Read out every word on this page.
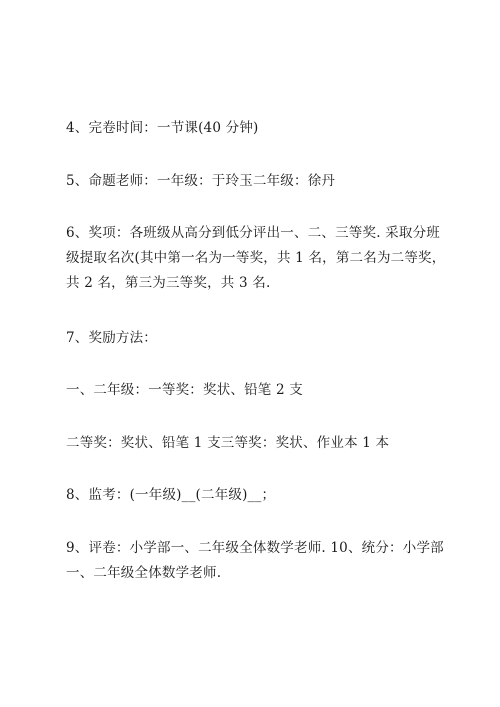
4、完卷时间：一节课(40 分钟)

5、命题老师：一年级：于玲玉二年级：徐丹

6、奖项：各班级从高分到低分评出一、二、三等奖. 采取分班
级提取名次(其中第一名为一等奖，共 1 名，第二名为二等奖，
共 2 名，第三为三等奖，共 3 名.

7、奖励方法：

一、二年级：一等奖：奖状、铅笔 2 支

二等奖：奖状、铅笔 1 支三等奖：奖状、作业本 1 本

8、监考：(一年级)__(二年级)__；

9、评卷：小学部一、二年级全体数学老师. 10、统分：小学部
一、二年级全体数学老师.
